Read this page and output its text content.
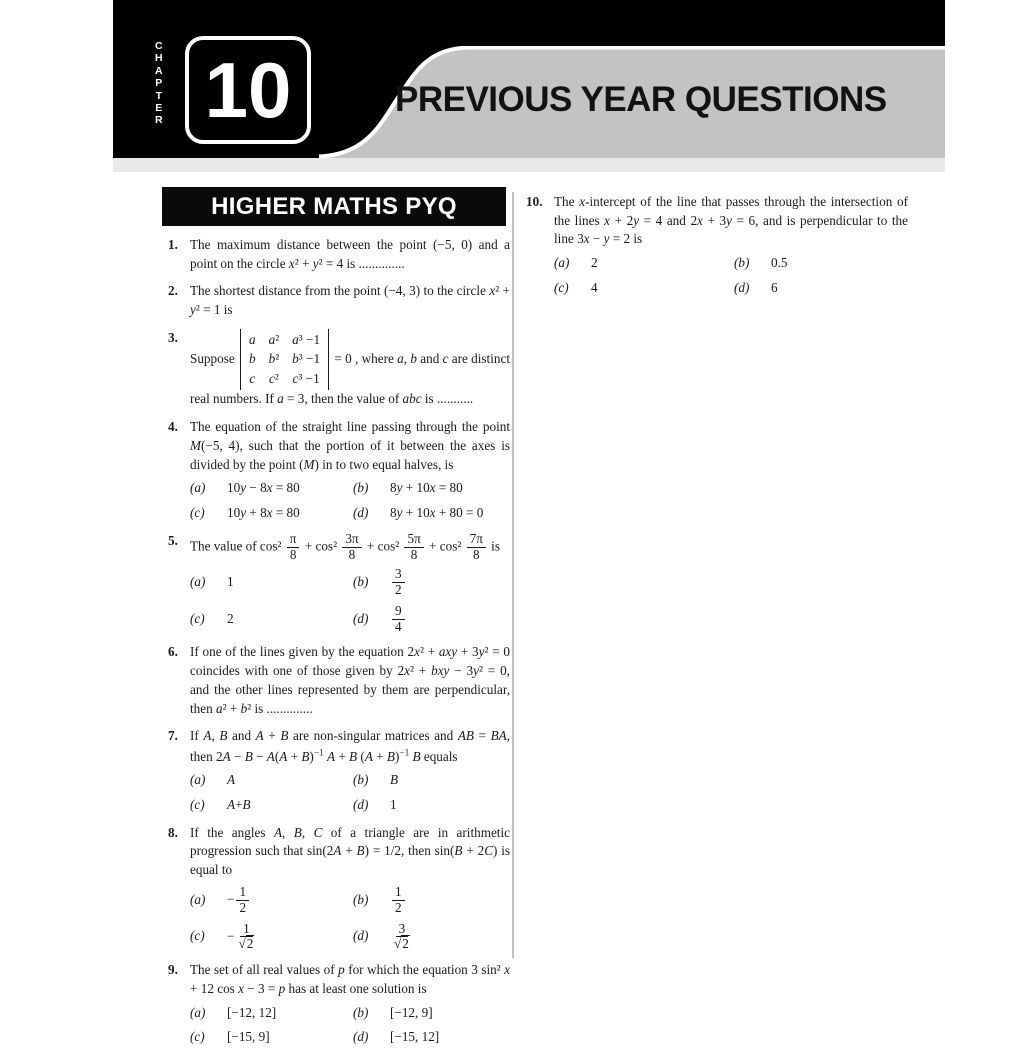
C
H
A
P
T
E
R 10	PREVIOUS YEAR QUESTIONS
HIGHER MATHS PYQ
1. The maximum distance between the point (−5, 0) and a point on the circle x² + y² = 4 is ..............
2. The shortest distance from the point (−4, 3) to the circle x² + y² = 1 is
3.
Suppose
a a² a³ −1
b b² b³ −1
c c² c³ −1
= 0 , where a, b and c are distinct real numbers. If a = 3, then the value of abc is ...........
4. The equation of the straight line passing through the point M(−5, 4), such that the portion of it between the axes is divided by the point (M) in to two equal halves, is
(a)	10y − 8x = 80	(b)	8y + 10x = 80
(c)	10y + 8x = 80	(d)	8y + 10x + 80 = 0
5. The value of $\cos^2 \frac{\pi}{8} + \cos^2 \frac{3\pi}{8} + \cos^2 \frac{5\pi}{8} + \cos^2 \frac{7\pi}{8}$ is
(a)	1	(b)	$\frac{3}{2}$
(c)	2	(d)	$\frac{9}{4}$
6. If one of the lines given by the equation 2x² + axy + 3y² = 0 coincides with one of those given by 2x² + bxy − 3y² = 0, and the other lines represented by them are perpendicular, then a² + b² is ..............
7. If A, B and A + B are non-singular matrices and AB = BA, then $2A - B - A(A + B)^{-1}$ A + B $(A + B)^{-1}$ B equals
(a)	A	(b)	B
(c)	A+B	(d)	1
8. If the angles A, B, C of a triangle are in arithmetic progression such that sin(2A + B) = 1/2, then sin(B + 2C) is equal to
(a)	− $\frac{1}{2}$	(b)	$\frac{1}{2}$
(c)	− $\frac{1}{√2}$	(d)	$\frac{3}{√2}$
9. The set of all real values of p for which the equation 3 sin² x + 12 cos x − 3 = p has at least one solution is
(a)	[−12, 12]	(b)	[−12, 9]
(c)	[−15, 9]	(d)	[−15, 12]
10. The x-intercept of the line that passes through the intersection of the lines x + 2y = 4 and 2x + 3y = 6, and is perpendicular to the line 3x − y = 2 is
(a)	2	(b)	0.5
(c)	4	(d)	6
